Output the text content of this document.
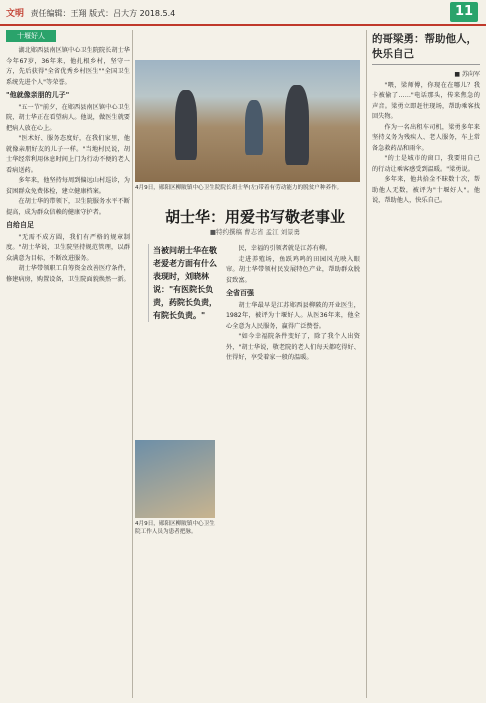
文明 责任编辑：王翔 版式：吕大方 2018.5.4	11
十堰好人

湖北郧西县南区镇中心卫生院院长胡士华今年67岁，36年来，他扎根乡村，坚守一方，先后获得"全省优秀乡村医生""全国卫生系统先进个人"等荣誉。

"他就像亲朋的儿子"

"五一节"前夕，在郧西县南区镇中心卫生院，胡士华正在看望病人。他说，做医生就要把病人放在心上。

"医术好、服务态度好，在我们家里，他就像亲朋好友的儿子一样。"当地村民说，胡士华经常利用休息时间上门为行动不便的老人看病送药。

多年来，他坚持每周到偏远山村巡诊，为贫困群众免费体检，建立健康档案。

在胡士华的带领下，卫生院服务水平不断提高，成为群众信赖的健康守护者。

自给自足

"无需不成方圆，我们有严格的规章制度。"胡士华说，卫生院坚持规范管理，以群众满意为目标，不断改进服务。

胡士华带领职工自筹资金改善医疗条件，修建病房，购置设备，卫生院面貌焕然一新。

4月9日，郧阳区柳陂镇中心卫生院院长胡士华(左)带着有劳动能力的脱贫户种养作。
胡士华：用爱书写敬老事业
■特约撰稿 曹志省 孟江 刘景勇
当被问胡士华在敬老爱老方面有什么表现时，刘晓林说："有医院长负责，药院长负责，有院长负责。"

民，幸福的引领者就是江苏有柳。

走进养殖场，鱼跃鸡鸣的田园风光映入眼帘。胡士华带领村民发展特色产业，帮助群众脱贫致富。

全省百强

胡士华最早是江苏郧西县柳陂的开业医生，1982年，被评为十堰好人。从医36年来，他全心全意为人民服务，赢得广泛赞誉。

"如今幸福院条件变好了，除了我个人出资外，"胡士华说，敬老院的老人们每天都吃得好、住得好，享受着家一般的温暖。

4月9日，郧阳区柳陂镇中心卫生院工作人员为患者把脉。
的哥梁勇：帮助他人，快乐自己
■ 苏向军

"喂，梁师傅，你现在在哪儿？我卡被偷了……"电话那头，传来焦急的声音。梁勇立即赶往现场，帮助乘客找回失物。

作为一名出租车司机，梁勇多年来坚持义务为残疾人、老人服务，车上常备急救药品和雨伞。

"的士是城市的窗口，我要用自己的行动让乘客感受到温暖。"梁勇说。

多年来，他共拾金不昧数十次，帮助他人无数，被评为"十堰好人"。他说，帮助他人，快乐自己。
